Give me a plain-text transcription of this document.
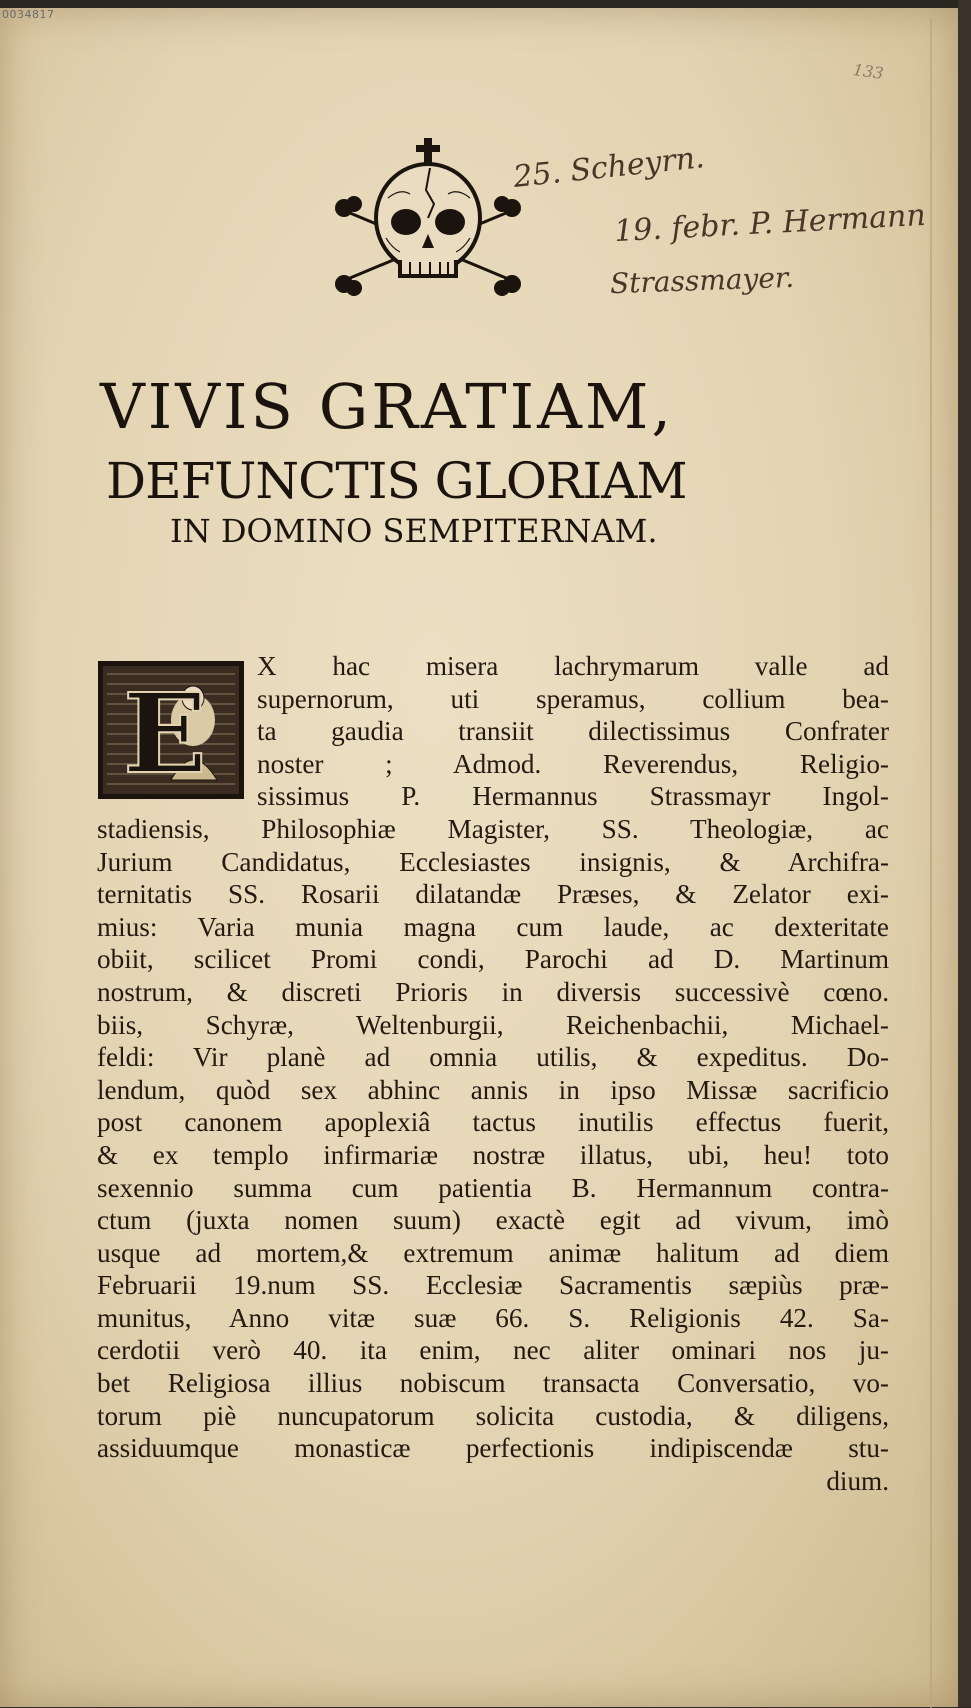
0034817
133
25. Scheyrn.
19. febr. P. Hermann
Strassmayer.
VIVIS GRATIAM,
DEFUNCTIS GLORIAM
IN DOMINO SEMPITERNAM.
E
X hac misera lachrymarum valle ad
supernorum, uti speramus, collium bea-
ta gaudia transiit dilectissimus Confrater
noster ; Admod. Reverendus, Religio-
sissimus P. Hermannus Strassmayr Ingol-
stadiensis, Philosophiæ Magister, SS. Theologiæ, ac
Jurium Candidatus, Ecclesiastes insignis, & Archifra-
ternitatis SS. Rosarii dilatandæ Præses, & Zelator exi-
mius: Varia munia magna cum laude, ac dexteritate
obiit, scilicet Promi condi, Parochi ad D. Martinum
nostrum, & discreti Prioris in diversis successivè cœno.
biis, Schyræ, Weltenburgii, Reichenbachii, Michael-
feldi: Vir planè ad omnia utilis, & expeditus. Do-
lendum, quòd sex abhinc annis in ipso Missæ sacrificio
post canonem apoplexiâ tactus inutilis effectus fuerit,
& ex templo infirmariæ nostræ illatus, ubi, heu! toto
sexennio summa cum patientia B. Hermannum contra-
ctum (juxta nomen suum) exactè egit ad vivum, imò
usque ad mortem,& extremum animæ halitum ad diem
Februarii 19.num SS. Ecclesiæ Sacramentis sæpiùs præ-
munitus, Anno vitæ suæ 66. S. Religionis 42. Sa-
cerdotii verò 40. ita enim, nec aliter ominari nos ju-
bet Religiosa illius nobiscum transacta Conversatio, vo-
torum piè nuncupatorum solicita custodia, & diligens,
assiduumque monasticæ perfectionis indipiscendæ stu-
dium.
